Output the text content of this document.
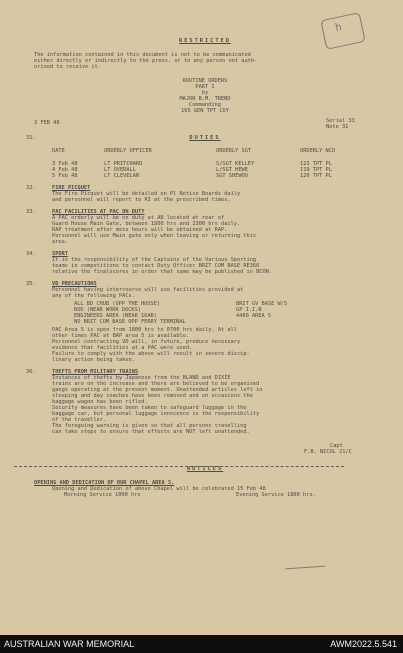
h
RESTRICTED
The information contained in this document is not to be communicated
either directly or indirectly to the press, or to any person not auth-
orised to receive it.
ROUTINE ORDERS
PART I
by
MAJOR B.M. TREND
Commanding
165 GEN TPT COY
3 FEB 48	Serial 33
Note 31
31.	DUTIES
DATE	ORDERLY OFFICER	ORDERLY SGT	ORDERLY NCO
3 Feb 48	LT PRITCHARD	S/SGT KELLEY	123 TPT PL
4 Feb 48	LT OVERALL	L/SGT HEWE	119 TPT PL
5 Feb 48	LT CLEVELAN	SGT SHEWOO	120 TPT PL
32.	FIRE PICQUET
The Fire Picquet will be detailed on Pl Notice Boards daily
and personnel will report to RI at the prescribed times.
33.	PAC FACILITIES AT PAC ON DUTY
A PAC orderly will be on duty at AB located at rear of
Guard House Main Gate, between 1800 hrs and 2300 hrs daily.
RAP treatment after mess hours will be obtained at RAP.
Personnel will use Main gate only when leaving or returning this
area.
34.	SPORT
It is the responsibility of the Captains of the Various Sporting
teams in competitions to contact Duty Officer BRIT COM BASE RE366
relative the finalscores in order that same may be published in BCON.
35.	VD PRECAUTIONS
Personnel having intercourse will use facilities provided at
any of the following PACs.
ALL BD CHUB (OPP THE HOUSE)	BRIT GV BASE W/S
BOD (NEAR WORK DOCKS)	GP I.I.N
ENGINEERS AREA (NEAR 16AB)	4480 AREA 5
NO BRIT COM BASE OPP FERRY TERMINAL
PAC Area 5 is open from 1800 hrs to 0700 hrs daily. At all
other times PAC at BAP area 5 is available.
Personnel contracting VD will, in future, produce necessary
evidence that facilities at a PAC were used.
Failure to comply with the above will result in severe discip-
linary action being taken.
36.	THEFTS FROM MILITARY TRAINS
Instances of thefts by Japanese from the BLAND and DIXIE
trains are on the increase and there are believed to be organised
gangs operating at the present moment. Unattended articles left in
sleeping and day coaches have been removed and on occasions the
baggage wagon has been rifled.
Security measures have been taken to safeguard luggage in the
baggage car, but personal luggage innocence is the responsibility
of the traveller.
The foregoing warning is given so that all persons travelling
can take steps to ensure that effects are NOT left unattended.
Capt
F.B. NICOL 21/C
NOTICES
OPENING AND DEDICATION OF OUR CHAPEL AREA 5.
Opening and Dedication of above Chapel will be celebrated 15 Feb 48
Morning Service 1000 hrs	Evening Service 1800 hrs.
AUSTRALIAN WAR MEMORIAL	AWM2022.5.541
